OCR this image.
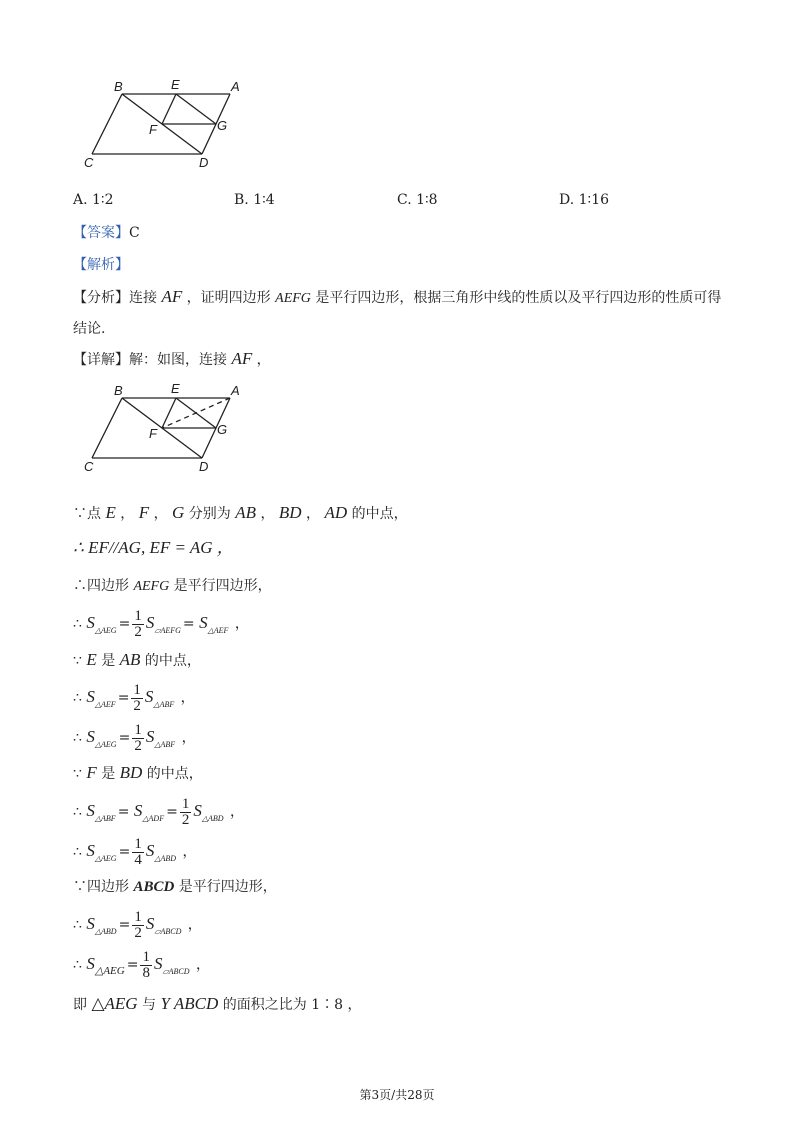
B	E	A
F	G
C	D
A. 1∶2	B. 1∶4	C. 1∶8	D. 1∶16
【答案】C
【解析】
【分析】连接 AF ，证明四边形 AEFG 是平行四边形，根据三角形中线的性质以及平行四边形的性质可得
结论.
【详解】解：如图，连接 AF ，
B	E	A
F	G
C	D
∵点 E ， F ， G 分别为 AB ， BD ， AD 的中点，
∴ EF//AG, EF = AG ，
∴四边形 AEFG 是平行四边形，
∴ $S_{\triangle AEG} = \frac{1}{2} S_{▱AEFG} = S_{\triangle AEF}$ ，
∵ E 是 AB 的中点，
∴ $S_{\triangle AEF} = \frac{1}{2} S_{\triangle ABF}$ ，
∴ $S_{\triangle AEG} = \frac{1}{2} S_{\triangle ABF}$ ，
∵ F 是 BD 的中点，
∴ $S_{\triangle ABF} = S_{\triangle ADF} = \frac{1}{2} S_{\triangle ABD}$ ，
∴ $S_{\triangle AEG} = \frac{1}{4} S_{\triangle ABD}$ ，
∵四边形 ABCD 是平行四边形，
∴ $S_{\triangle ABD} = \frac{1}{2} S_{▱ABCD}$ ，
∴ $S_{\triangle AEG} = \frac{1}{8} S_{▱ABCD}$ ，
即 △AEG 与 Y ABCD 的面积之比为 1∶8 ，
第3页/共28页
